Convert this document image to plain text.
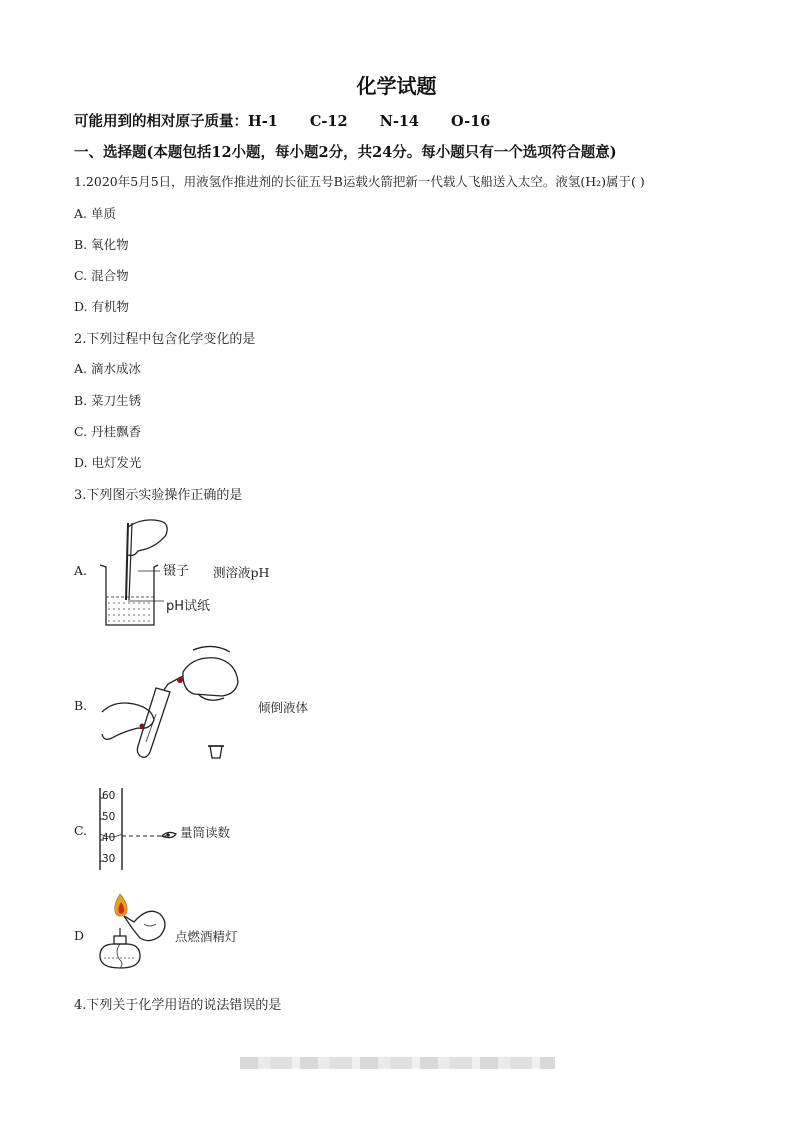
化学试题
可能用到的相对原子质量：H-1 C-12 N-14 O-16
一、选择题(本题包括12小题，每小题2分，共24分。每小题只有一个选项符合题意)
1.2020年5月5日，用液氢作推进剂的长征五号B运载火箭把新一代载人飞船送入太空。液氢(H₂)属于( )
A. 单质
B. 氧化物
C. 混合物
D. 有机物
2.下列过程中包含化学变化的是
A. 滴水成冰
B. 菜刀生锈
C. 丹桂飘香
D. 电灯发光
3.下列图示实验操作正确的是
A.	镊子
pH试纸
测溶液pH
B.	倾倒液体
C.
60
50
40
30
量筒读数
D	点燃酒精灯
4.下列关于化学用语的说法错误的是
